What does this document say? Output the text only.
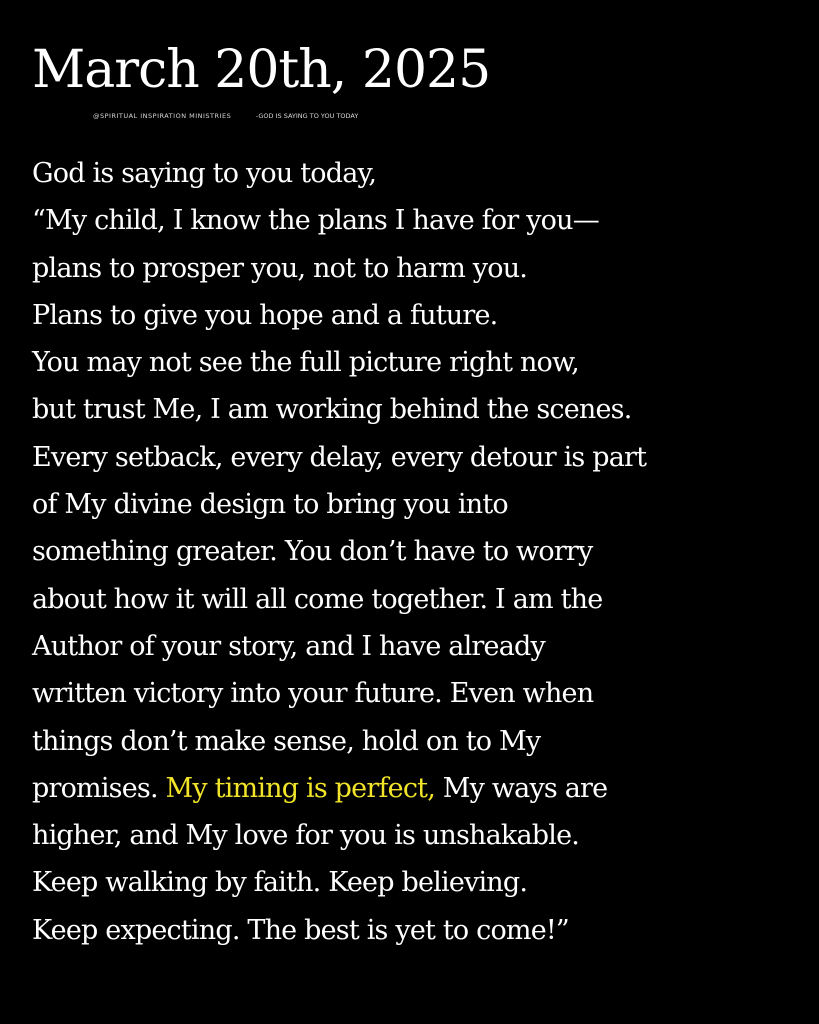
March 20th, 2025
@SPIRITUAL INSPIRATION MINISTRIES	-GOD IS SAYING TO YOU TODAY
God is saying to you today,
“My child, I know the plans I have for you—
plans to prosper you, not to harm you.
Plans to give you hope and a future.
You may not see the full picture right now,
but trust Me, I am working behind the scenes.
Every setback, every delay, every detour is part
of My divine design to bring you into
something greater. You don’t have to worry
about how it will all come together. I am the
Author of your story, and I have already
written victory into your future. Even when
things don’t make sense, hold on to My
promises. My timing is perfect, My ways are
higher, and My love for you is unshakable.
Keep walking by faith. Keep believing.
Keep expecting. The best is yet to come!”
